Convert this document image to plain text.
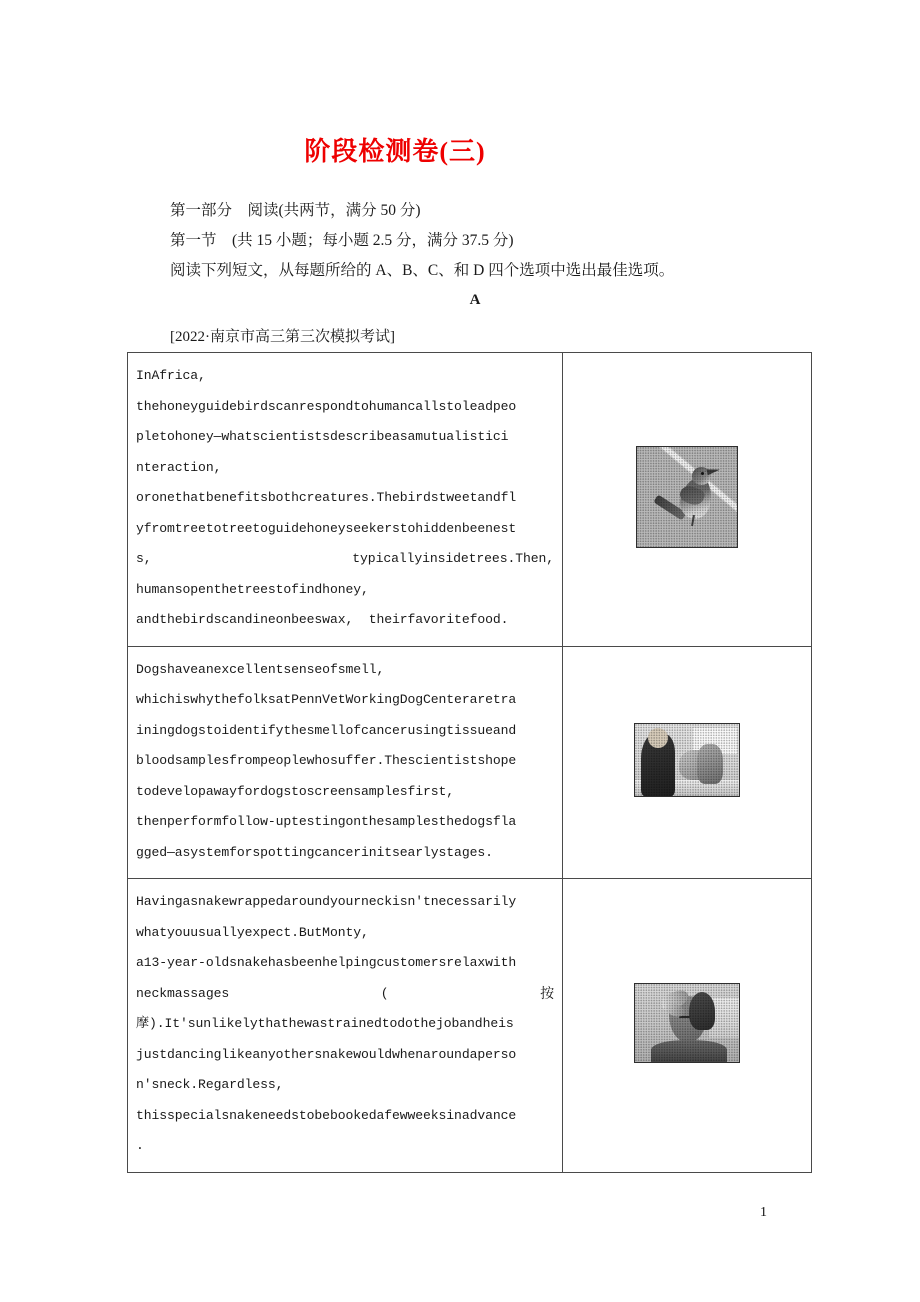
阶段检测卷(三)
第一部分　阅读(共两节，满分 50 分)
第一节　(共 15 小题；每小题 2.5 分，满分 37.5 分)
阅读下列短文，从每题所给的 A、B、C、和 D 四个选项中选出最佳选项。
A
[2022·南京市高三第三次模拟考试]
InAfrica,
thehoneyguidebirdscanrespondtohumancallstoleadpeo
pletohoney—whatscientistsdescribeasamutualistici
nteraction,
oronethatbenefitsbothcreatures.Thebirdstweetandfl
yfromtreetotreetoguidehoneyseekerstohiddenbeenest
s,	typicallyinsidetrees.Then,
humansopenthetreestofindhoney,
andthebirdscandineonbeeswax,  theirfavoritefood.

Dogshaveanexcellentsenseofsmell,
whichiswhythefolksatPennVetWorkingDogCenteraretra
iningdogstoidentifythesmellofcancerusingtissueand
bloodsamplesfrompeoplewhosuffer.Thescientistshope
todevelopawayfordogstoscreensamplesfirst,
thenperformfollow-uptestingonthesamplesthedogsfla
gged—asystemforspottingcancerinitsearlystages.

Havingasnakewrappedaroundyourneckisn'tnecessarily
whatyouusuallyexpect.ButMonty,
a13-year-oldsnakehasbeenhelpingcustomersrelaxwith
neckmassages	(	按
摩).It'sunlikelythathewastrainedtodothejobandheis
justdancinglikeanyothersnakewouldwhenaroundaperso
n'sneck.Regardless,
thisspecialsnakeneedstobebookedafewweeksinadvance
.

1
